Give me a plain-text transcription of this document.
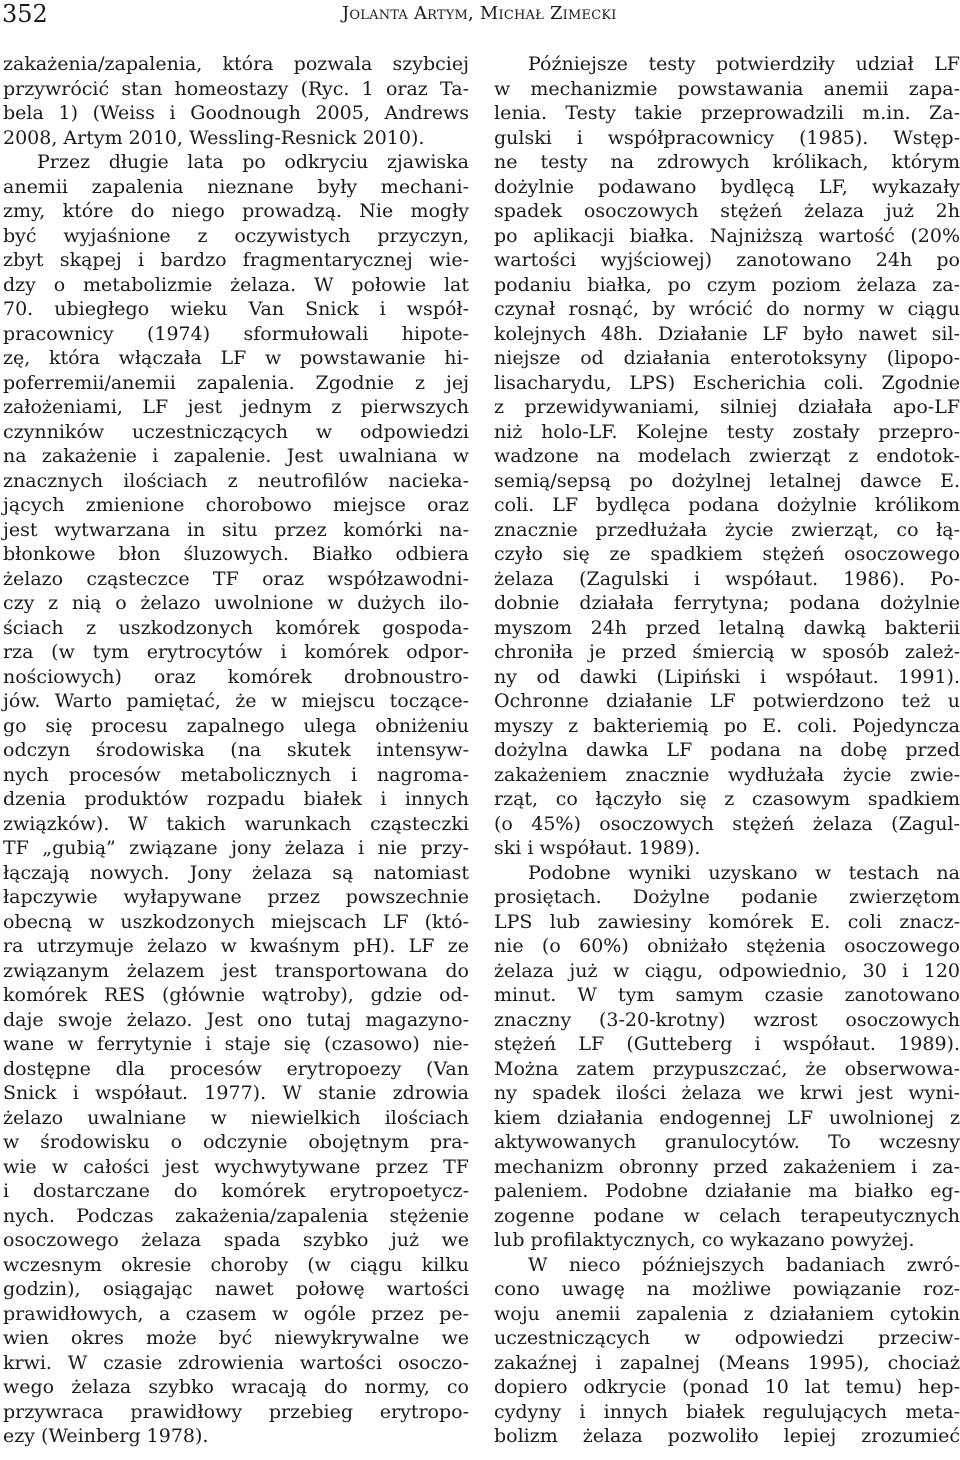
352	Jolanta Artym, Michał Zimecki
zakażenia/zapalenia, która pozwala szybciej
przywrócić stan homeostazy (Ryc. 1 oraz Ta-
bela 1) (Weiss i Goodnough 2005, Andrews
2008, Artym 2010, Wessling-Resnick 2010).
Przez długie lata po odkryciu zjawiska
anemii zapalenia nieznane były mechani-
zmy, które do niego prowadzą. Nie mogły
być wyjaśnione z oczywistych przyczyn,
zbyt skąpej i bardzo fragmentarycznej wie-
dzy o metabolizmie żelaza. W połowie lat
70. ubiegłego wieku Van Snick i współ-
pracownicy (1974) sformułowali hipote-
zę, która włączała LF w powstawanie hi-
poferremii/anemii zapalenia. Zgodnie z jej
założeniami, LF jest jednym z pierwszych
czynników uczestniczących w odpowiedzi
na zakażenie i zapalenie. Jest uwalniana w
znacznych ilościach z neutrofilów nacieka-
jących zmienione chorobowo miejsce oraz
jest wytwarzana in situ przez komórki na-
błonkowe błon śluzowych. Białko odbiera
żelazo cząsteczce TF oraz współzawodni-
czy z nią o żelazo uwolnione w dużych ilo-
ściach z uszkodzonych komórek gospoda-
rza (w tym erytrocytów i komórek odpor-
nościowych) oraz komórek drobnoustro-
jów. Warto pamiętać, że w miejscu toczące-
go się procesu zapalnego ulega obniżeniu
odczyn środowiska (na skutek intensyw-
nych procesów metabolicznych i nagroma-
dzenia produktów rozpadu białek i innych
związków). W takich warunkach cząsteczki
TF „gubią” związane jony żelaza i nie przy-
łączają nowych. Jony żelaza są natomiast
łapczywie wyłapywane przez powszechnie
obecną w uszkodzonych miejscach LF (któ-
ra utrzymuje żelazo w kwaśnym pH). LF ze
związanym żelazem jest transportowana do
komórek RES (głównie wątroby), gdzie od-
daje swoje żelazo. Jest ono tutaj magazyno-
wane w ferrytynie i staje się (czasowo) nie-
dostępne dla procesów erytropoezy (Van
Snick i współaut. 1977). W stanie zdrowia
żelazo uwalniane w niewielkich ilościach
w środowisku o odczynie obojętnym pra-
wie w całości jest wychwytywane przez TF
i dostarczane do komórek erytropoetycz-
nych. Podczas zakażenia/zapalenia stężenie
osoczowego żelaza spada szybko już we
wczesnym okresie choroby (w ciągu kilku
godzin), osiągając nawet połowę wartości
prawidłowych, a czasem w ogóle przez pe-
wien okres może być niewykrywalne we
krwi. W czasie zdrowienia wartości osoczo-
wego żelaza szybko wracają do normy, co
przywraca prawidłowy przebieg erytropo-
ezy (Weinberg 1978).
Późniejsze testy potwierdziły udział LF
w mechanizmie powstawania anemii zapa-
lenia. Testy takie przeprowadzili m.in. Za-
gulski i współpracownicy (1985). Wstęp-
ne testy na zdrowych królikach, którym
dożylnie podawano bydlęcą LF, wykazały
spadek osoczowych stężeń żelaza już 2h
po aplikacji białka. Najniższą wartość (20%
wartości wyjściowej) zanotowano 24h po
podaniu białka, po czym poziom żelaza za-
czynał rosnąć, by wrócić do normy w ciągu
kolejnych 48h. Działanie LF było nawet sil-
niejsze od działania enterotoksyny (lipopo-
lisacharydu, LPS) Escherichia coli. Zgodnie
z przewidywaniami, silniej działała apo-LF
niż holo-LF. Kolejne testy zostały przepro-
wadzone na modelach zwierząt z endotok-
semią/sepsą po dożylnej letalnej dawce E.
coli. LF bydlęca podana dożylnie królikom
znacznie przedłużała życie zwierząt, co łą-
czyło się ze spadkiem stężeń osoczowego
żelaza (Zagulski i współaut. 1986). Po-
dobnie działała ferrytyna; podana dożylnie
myszom 24h przed letalną dawką bakterii
chroniła je przed śmiercią w sposób zależ-
ny od dawki (Lipiński i współaut. 1991).
Ochronne działanie LF potwierdzono też u
myszy z bakteriemią po E. coli. Pojedyncza
dożylna dawka LF podana na dobę przed
zakażeniem znacznie wydłużała życie zwie-
rząt, co łączyło się z czasowym spadkiem
(o 45%) osoczowych stężeń żelaza (Zagul-
ski i współaut. 1989).
Podobne wyniki uzyskano w testach na
prosiętach. Dożylne podanie zwierzętom
LPS lub zawiesiny komórek E. coli znacz-
nie (o 60%) obniżało stężenia osoczowego
żelaza już w ciągu, odpowiednio, 30 i 120
minut. W tym samym czasie zanotowano
znaczny (3-20-krotny) wzrost osoczowych
stężeń LF (Gutteberg i współaut. 1989).
Można zatem przypuszczać, że obserwowa-
ny spadek ilości żelaza we krwi jest wyni-
kiem działania endogennej LF uwolnionej z
aktywowanych granulocytów. To wczesny
mechanizm obronny przed zakażeniem i za-
paleniem. Podobne działanie ma białko eg-
zogenne podane w celach terapeutycznych
lub profilaktycznych, co wykazano powyżej.
W nieco późniejszych badaniach zwró-
cono uwagę na możliwe powiązanie roz-
woju anemii zapalenia z działaniem cytokin
uczestniczących w odpowiedzi przeciw-
zakaźnej i zapalnej (Means 1995), chociaż
dopiero odkrycie (ponad 10 lat temu) hep-
cydyny i innych białek regulujących meta-
bolizm żelaza pozwoliło lepiej zrozumieć
